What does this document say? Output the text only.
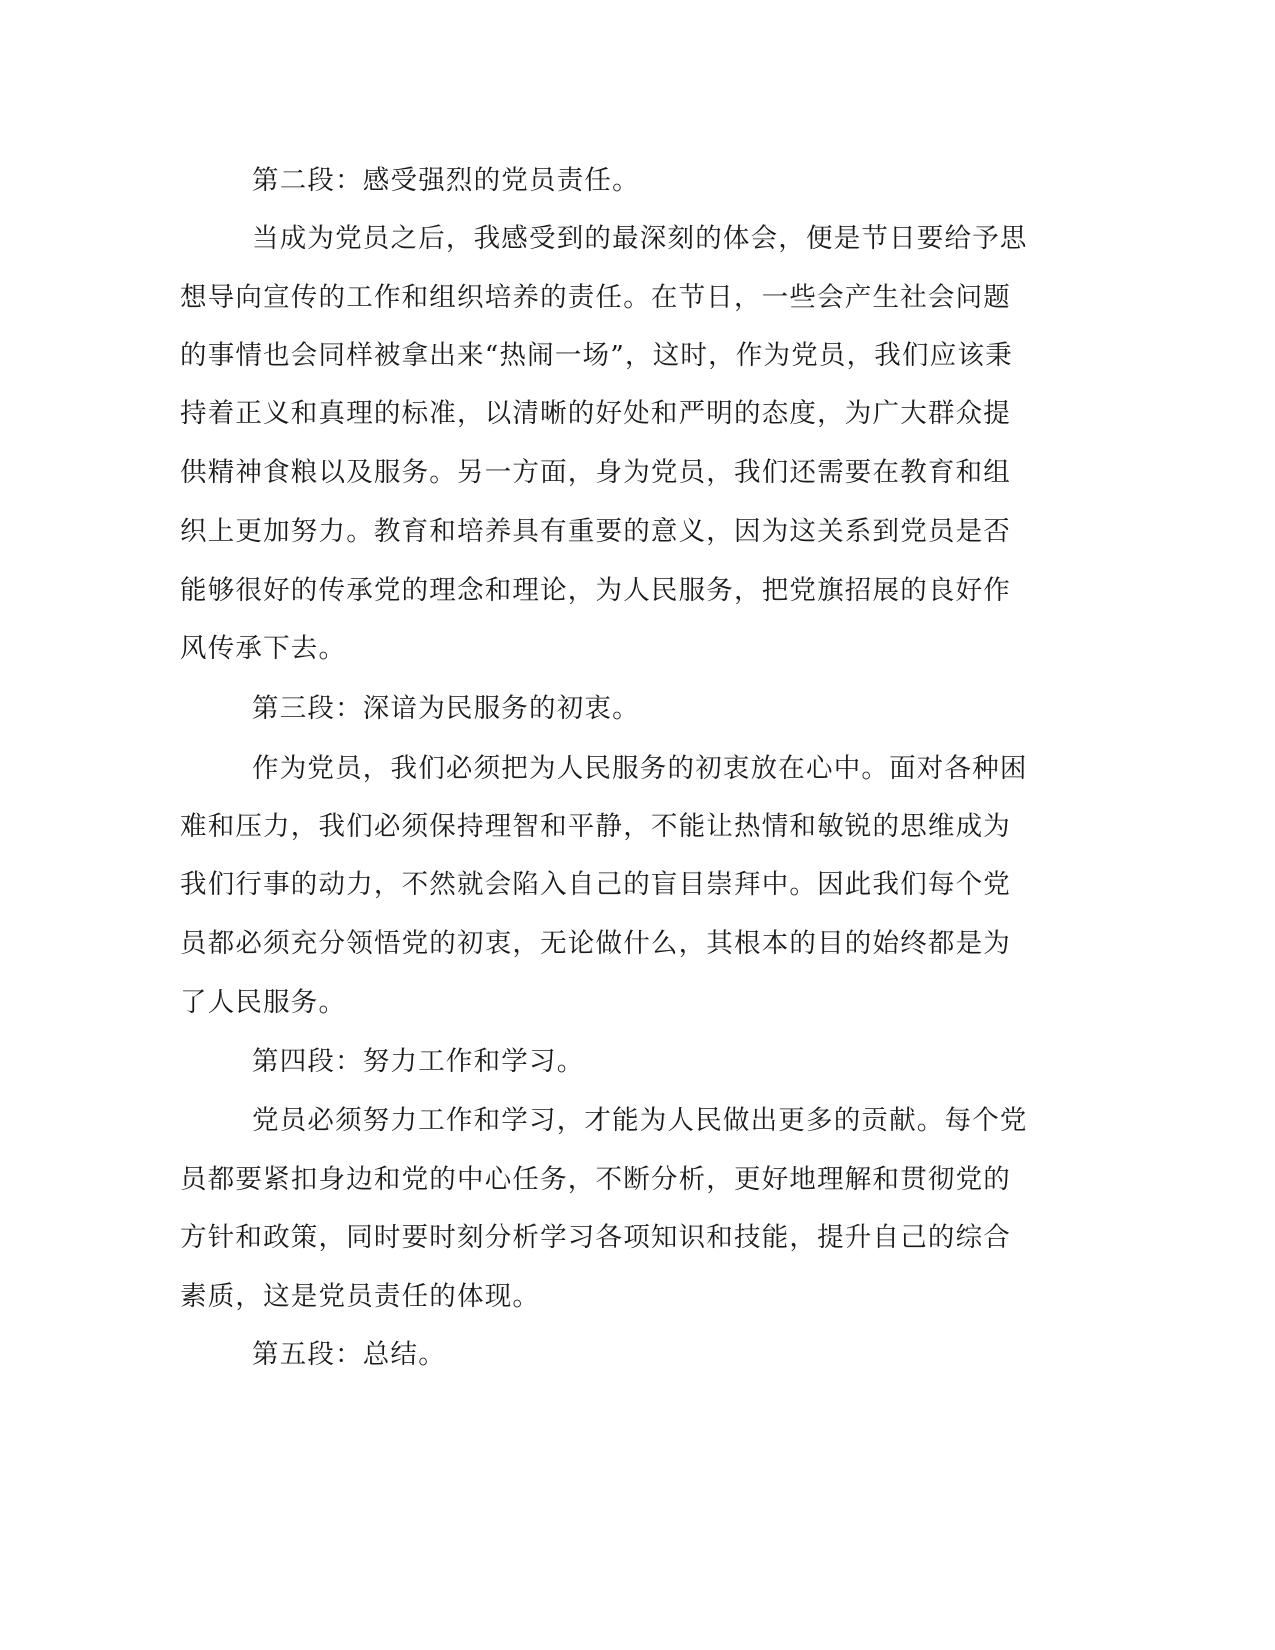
第二段：感受强烈的党员责任。
当成为党员之后，我感受到的最深刻的体会，便是节日要给予思
想导向宣传的工作和组织培养的责任。在节日，一些会产生社会问题
的事情也会同样被拿出来“热闹一场”，这时，作为党员，我们应该秉
持着正义和真理的标准，以清晰的好处和严明的态度，为广大群众提
供精神食粮以及服务。另一方面，身为党员，我们还需要在教育和组
织上更加努力。教育和培养具有重要的意义，因为这关系到党员是否
能够很好的传承党的理念和理论，为人民服务，把党旗招展的良好作
风传承下去。
第三段：深谙为民服务的初衷。
作为党员，我们必须把为人民服务的初衷放在心中。面对各种困
难和压力，我们必须保持理智和平静，不能让热情和敏锐的思维成为
我们行事的动力，不然就会陷入自己的盲目崇拜中。因此我们每个党
员都必须充分领悟党的初衷，无论做什么，其根本的目的始终都是为
了人民服务。
第四段：努力工作和学习。
党员必须努力工作和学习，才能为人民做出更多的贡献。每个党
员都要紧扣身边和党的中心任务，不断分析，更好地理解和贯彻党的
方针和政策，同时要时刻分析学习各项知识和技能，提升自己的综合
素质，这是党员责任的体现。
第五段：总结。
